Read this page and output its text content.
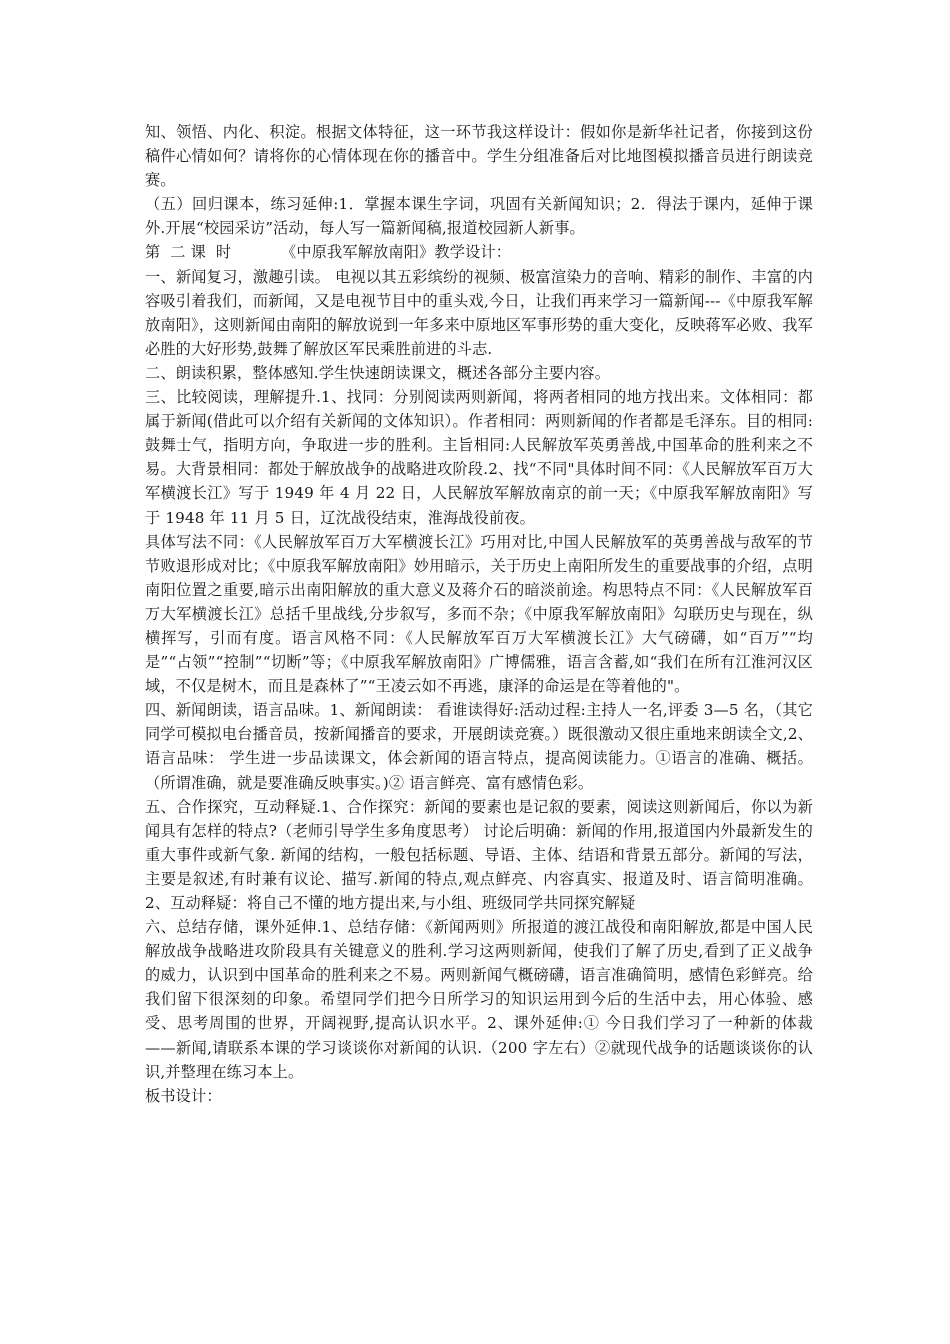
知、领悟、内化、积淀。根据文体特征，这一环节我这样设计：假如你是新华社记者，你接到这份稿件心情如何？请将你的心情体现在你的播音中。学生分组准备后对比地图模拟播音员进行朗读竞赛。

（五）回归课本，练习延伸:1．掌握本课生字词，巩固有关新闻知识；2．得法于课内，延伸于课外.开展“校园采访”活动，每人写一篇新闻稿,报道校园新人新事。

第  二 课  时          《中原我军解放南阳》教学设计：

一、新闻复习，激趣引读。 电视以其五彩缤纷的视频、极富渲染力的音响、精彩的制作、丰富的内容吸引着我们，而新闻，又是电视节目中的重头戏,今日，让我们再来学习一篇新闻---《中原我军解放南阳》，这则新闻由南阳的解放说到一年多来中原地区军事形势的重大变化，反映蒋军必败、我军必胜的大好形势,鼓舞了解放区军民乘胜前进的斗志.

二、朗读积累，整体感知.学生快速朗读课文，概述各部分主要内容。

三、比较阅读，理解提升.1、找同：分别阅读两则新闻，将两者相同的地方找出来。文体相同：都属于新闻(借此可以介绍有关新闻的文体知识）。作者相同：两则新闻的作者都是毛泽东。目的相同:鼓舞士气，指明方向，争取进一步的胜利。主旨相同:人民解放军英勇善战,中国革命的胜利来之不易。大背景相同：都处于解放战争的战略进攻阶段.2、找“不同"具体时间不同：《人民解放军百万大军横渡长江》写于 1949 年 4 月 22 日，人民解放军解放南京的前一天；《中原我军解放南阳》写于 1948 年 11 月 5 日，辽沈战役结束，淮海战役前夜。

具体写法不同：《人民解放军百万大军横渡长江》巧用对比,中国人民解放军的英勇善战与敌军的节节败退形成对比；《中原我军解放南阳》妙用暗示，关于历史上南阳所发生的重要战事的介绍，点明南阳位置之重要,暗示出南阳解放的重大意义及蒋介石的暗淡前途。构思特点不同：《人民解放军百万大军横渡长江》总括千里战线,分步叙写，多而不杂；《中原我军解放南阳》勾联历史与现在，纵横挥写，引而有度。语言风格不同：《人民解放军百万大军横渡长江》大气磅礴，如“百万”“均是”“占领”“控制”“切断”等；《中原我军解放南阳》广博儒雅，语言含蓄,如“我们在所有江淮河汉区域，不仅是树木，而且是森林了”“王凌云如不再逃，康泽的命运是在等着他的"。

四、新闻朗读，语言品味。1、新闻朗读： 看谁读得好:活动过程:主持人一名,评委 3—5 名，（其它同学可模拟电台播音员，按新闻播音的要求，开展朗读竞赛。）既很激动又很庄重地来朗读全文,2、语言品味： 学生进一步品读课文，体会新闻的语言特点，提高阅读能力。①语言的准确、概括。（所谓准确，就是要准确反映事实。)② 语言鲜亮、富有感情色彩。

五、合作探究，互动释疑.1、合作探究：新闻的要素也是记叙的要素，阅读这则新闻后，你以为新闻具有怎样的特点?（老师引导学生多角度思考） 讨论后明确：新闻的作用,报道国内外最新发生的重大事件或新气象. 新闻的结构，一般包括标题、导语、主体、结语和背景五部分。新闻的写法，主要是叙述,有时兼有议论、描写.新闻的特点,观点鲜亮、内容真实、报道及时、语言简明准确。2、互动释疑：将自己不懂的地方提出来,与小组、班级同学共同探究解疑

六、总结存储，课外延伸.1、总结存储：《新闻两则》所报道的渡江战役和南阳解放,都是中国人民解放战争战略进攻阶段具有关键意义的胜利.学习这两则新闻，使我们了解了历史,看到了正义战争的威力，认识到中国革命的胜利来之不易。两则新闻气概磅礴，语言准确简明，感情色彩鲜亮。给我们留下很深刻的印象。希望同学们把今日所学习的知识运用到今后的生活中去，用心体验、感受、思考周围的世界，开阔视野,提高认识水平。2、课外延伸:① 今日我们学习了一种新的体裁——新闻,请联系本课的学习谈谈你对新闻的认识.（200 字左右）②就现代战争的话题谈谈你的认识,并整理在练习本上。

板书设计：
